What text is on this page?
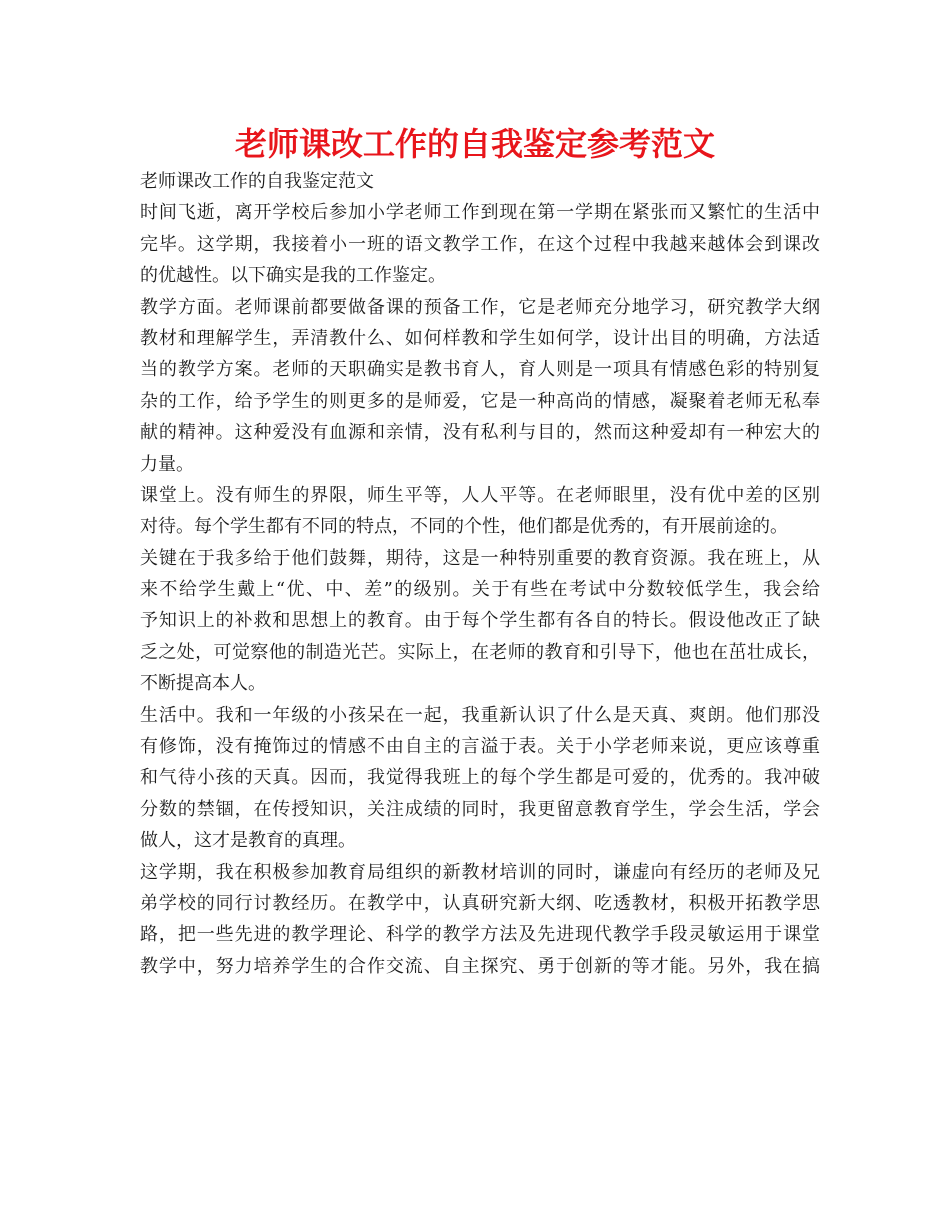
老师课改工作的自我鉴定参考范文
老师课改工作的自我鉴定范文
时间飞逝，离开学校后参加小学老师工作到现在第一学期在紧张而又繁忙的生活中
完毕。这学期，我接着小一班的语文教学工作，在这个过程中我越来越体会到课改
的优越性。以下确实是我的工作鉴定。
教学方面。老师课前都要做备课的预备工作，它是老师充分地学习，研究教学大纲
教材和理解学生，弄清教什么、如何样教和学生如何学，设计出目的明确，方法适
当的教学方案。老师的天职确实是教书育人，育人则是一项具有情感色彩的特别复
杂的工作，给予学生的则更多的是师爱，它是一种高尚的情感，凝聚着老师无私奉
献的精神。这种爱没有血源和亲情，没有私利与目的，然而这种爱却有一种宏大的
力量。
课堂上。没有师生的界限，师生平等，人人平等。在老师眼里，没有优中差的区别
对待。每个学生都有不同的特点，不同的个性，他们都是优秀的，有开展前途的。
关键在于我多给于他们鼓舞，期待，这是一种特别重要的教育资源。我在班上，从
来不给学生戴上“优、中、差”的级别。关于有些在考试中分数较低学生，我会给
予知识上的补救和思想上的教育。由于每个学生都有各自的特长。假设他改正了缺
乏之处，可觉察他的制造光芒。实际上，在老师的教育和引导下，他也在茁壮成长，
不断提高本人。
生活中。我和一年级的小孩呆在一起，我重新认识了什么是天真、爽朗。他们那没
有修饰，没有掩饰过的情感不由自主的言溢于表。关于小学老师来说，更应该尊重
和气待小孩的天真。因而，我觉得我班上的每个学生都是可爱的，优秀的。我冲破
分数的禁锢，在传授知识，关注成绩的同时，我更留意教育学生，学会生活，学会
做人，这才是教育的真理。
这学期，我在积极参加教育局组织的新教材培训的同时，谦虚向有经历的老师及兄
弟学校的同行讨教经历。在教学中，认真研究新大纲、吃透教材，积极开拓教学思
路，把一些先进的教学理论、科学的教学方法及先进现代教学手段灵敏运用于课堂
教学中，努力培养学生的合作交流、自主探究、勇于创新的等才能。另外，我在搞
